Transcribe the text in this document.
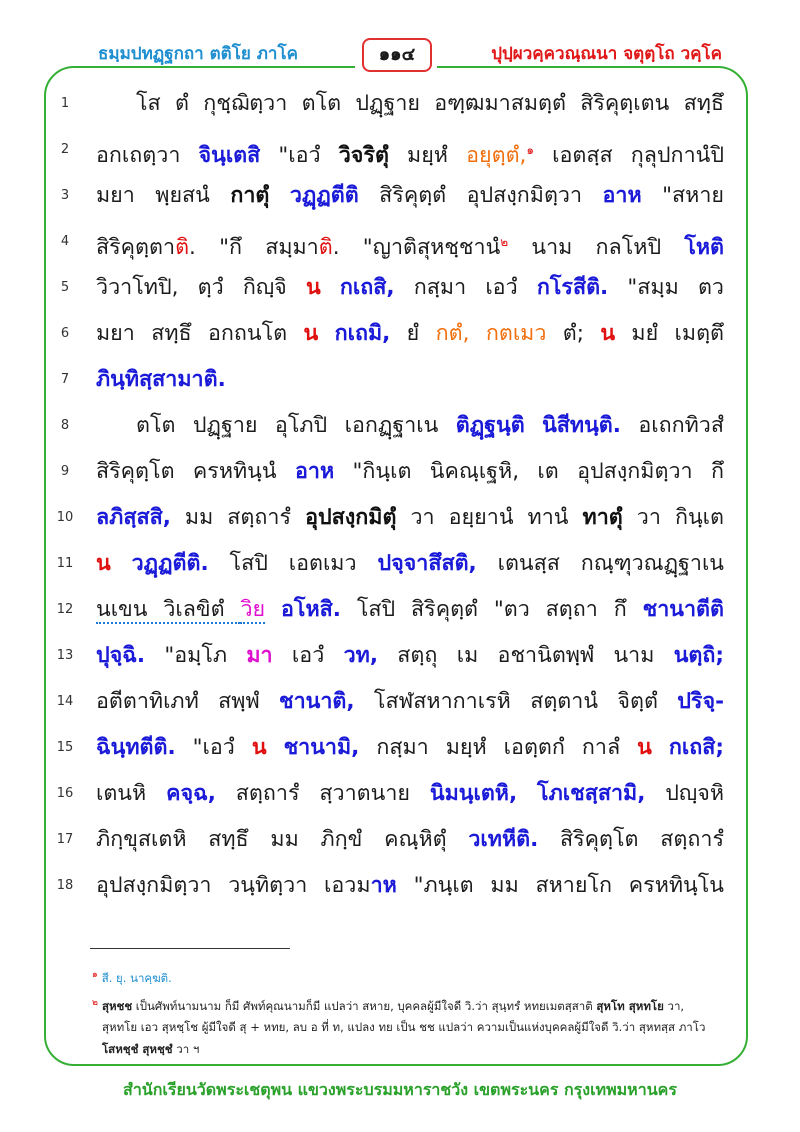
ธมฺมปทฏฺฐกถา ตติโย ภาโค	๑๑๔	ปุปฺผวคฺควณฺณนา จตุตฺโถ วคฺโค
1	โส ตํ กุชฺฌิตฺวา ตโต ปฏฺฐาย อฑฺฒมาสมตฺตํ สิริคุตฺเตน สทฺธึ
2	อกเถตฺวา จินฺเตสิ "เอวํ วิจริตุํ มยฺหํ อยุตฺตํ,$^๑$ เอตสฺส กุลุปกานํปิ
3	มยา พฺยสนํ กาตุํ วฏฺฏตีติ สิริคุตฺตํ อุปสงฺกมิตฺวา อาห "สหาย
4	สิริคุตฺตาติ. "กึ สมฺมาติ. "ญาติสุหชฺชานํ$^๒$ นาม กลโหปิ โหติ
5	วิวาโทปิ, ตฺวํ กิญฺจิ น กเถสิ, กสฺมา เอวํ กโรสีติ. "สมฺม ตว
6	มยา สทฺธึ อกถนโต น กเถมิ, ยํ กตํ, กตเมว ตํ; น มยํ เมตฺตึ
7	ภินฺทิสฺสามาติ.
8	ตโต ปฏฺฐาย อุโภปิ เอกฏฺฐาเน ติฏฺฐนฺติ นิสีทนฺติ. อเถกทิวสํ
9	สิริคุตฺโต ครหทินฺนํ อาห "กินฺเต นิคณฺเฐหิ, เต อุปสงฺกมิตฺวา กึ
10	ลภิสฺสสิ, มม สตฺถารํ อุปสงฺกมิตุํ วา อยฺยานํ ทานํ ทาตุํ วา กินฺเต
11	น วฏฺฏตีติ. โสปิ เอตเมว ปจฺจาสึสติ, เตนสฺส กณฺฑุวณฏฺฐาเน
12	นเขน วิเลขิตํ วิย อโหสิ. โสปิ สิริคุตฺตํ "ตว สตฺถา กึ ชานาตีติ
13	ปุจฺฉิ. "อมฺโภ มา เอวํ วท, สตฺถุ เม อชานิตพฺพํ นาม นตฺถิ;
14	อตีตาทิเภทํ สพฺพํ ชานาติ, โสฬสหากาเรหิ สตฺตานํ จิตฺตํ ปริจฺ-
15	ฉินฺทตีติ. "เอวํ น ชานามิ, กสฺมา มยฺหํ เอตฺตกํ กาลํ น กเถสิ;
16	เตนหิ คจฺฉ, สตฺถารํ สฺวาตนาย นิมนฺเตหิ, โภเชสฺสามิ, ปญฺจหิ
17	ภิกฺขุสเตหิ สทฺธึ มม ภิกฺขํ คณฺหิตุํ วเทหีติ. สิริคุตฺโต สตฺถารํ
18	อุปสงฺกมิตฺวา วนฺทิตฺวา เอวมาห "ภนฺเต มม สหายโก ครหทินฺโน
$^๑$ สี. ยุ. นาคฺฆติ.
$^๒$ สุหชช เป็นศัพท์นามนาม ก็มี ศัพท์คุณนามก็มี แปลว่า สหาย, บุคคลผู้มีใจดี วิ.ว่า สุนฺทรํ หทยเมตสฺสาติ สุหโท สุหทโย วา,
สุหทโย เอว สุหชฺโช ผู้มีใจดี สุ + หทย, ลบ อ ที่ ท, แปลง ทย เป็น ชช แปลว่า ความเป็นแห่งบุคคลผู้มีใจดี วิ.ว่า สุหทสฺส ภาโว
โสหชฺชํ สุหชฺชํ วา ฯ
สำนักเรียนวัดพระเชตุพน แขวงพระบรมมหาราชวัง เขตพระนคร กรุงเทพมหานคร
